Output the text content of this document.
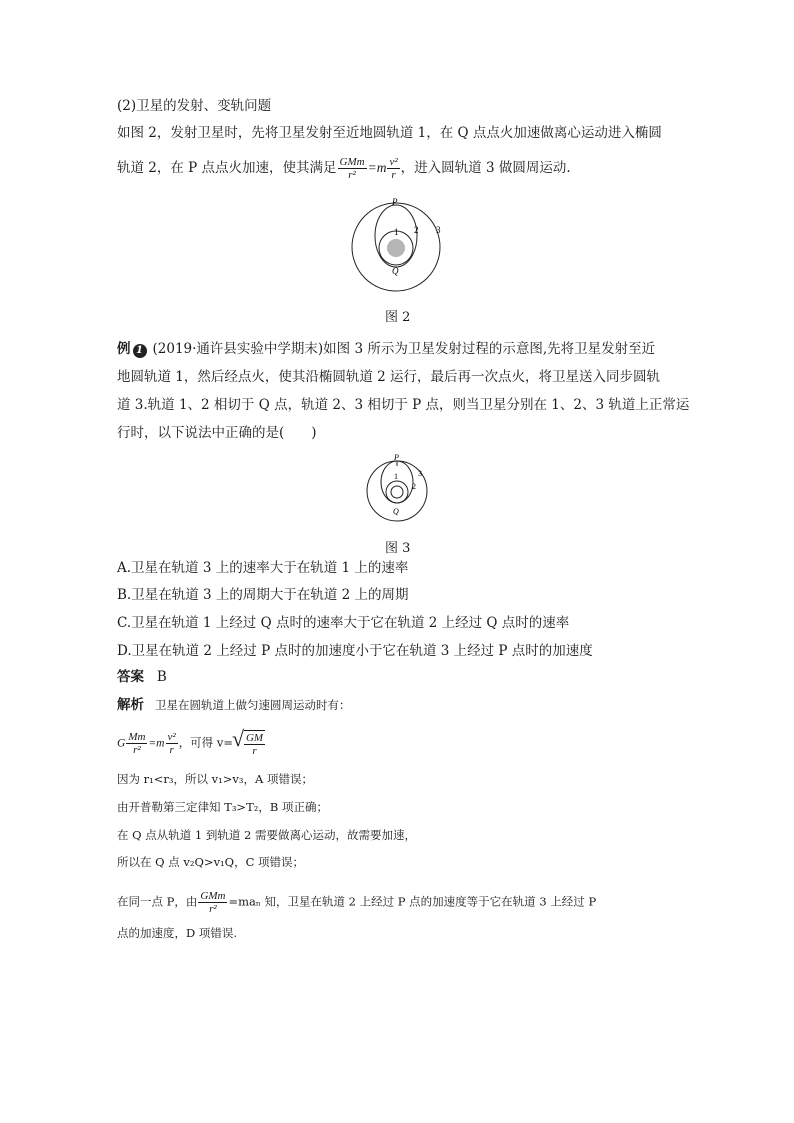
(2)卫星的发射、变轨问题
如图 2，发射卫星时，先将卫星发射至近地圆轨道 1，在 Q 点点火加速做离心运动进入椭圆
轨道 2，在 P 点点火加速，使其满足 $\frac{\text{GMm}}{\text{r²}} =m \frac{\text{v²}}{r}$ ，进入圆轨道 3 做圆周运动.
P
1 2 3
Q
图 2
例 1 (2019·通许县实验中学期末)如图 3 所示为卫星发射过程的示意图,先将卫星发射至近
地圆轨道 1，然后经点火，使其沿椭圆轨道 2 运行，最后再一次点火，将卫星送入同步圆轨
道 3.轨道 1、2 相切于 Q 点，轨道 2、3 相切于 P 点，则当卫星分别在 1、2、3 轨道上正常运
行时，以下说法中正确的是(　　)
P
1
2
3
Q
图 3
A.卫星在轨道 3 上的速率大于在轨道 1 上的速率
B.卫星在轨道 3 上的周期大于在轨道 2 上的周期
C.卫星在轨道 1 上经过 Q 点时的速率大于它在轨道 2 上经过 Q 点时的速率
D.卫星在轨道 2 上经过 P 点时的加速度小于它在轨道 3 上经过 P 点时的加速度
答案 B
解析 卫星在圆轨道上做匀速圆周运动时有：
G $\frac{Mm}{\text{r²}} =m \frac{\text{v²}}{r}$ ，可得 v=
√ $\frac{GM}{r}$
因为 r₁<r₃，所以 v₁>v₃，A 项错误；
由开普勒第三定律知 T₃>T₂，B 项正确；
在 Q 点从轨道 1 到轨道 2 需要做离心运动，故需要加速，
所以在 Q 点 v₂Q>v₁Q，C 项错误；
在同一点 P，由 $\frac{\text{GMm}}{\text{r²}} =ma_n$ 知，卫星在轨道 2 上经过 P 点的加速度等于它在轨道 3 上经过 P
点的加速度，D 项错误.
